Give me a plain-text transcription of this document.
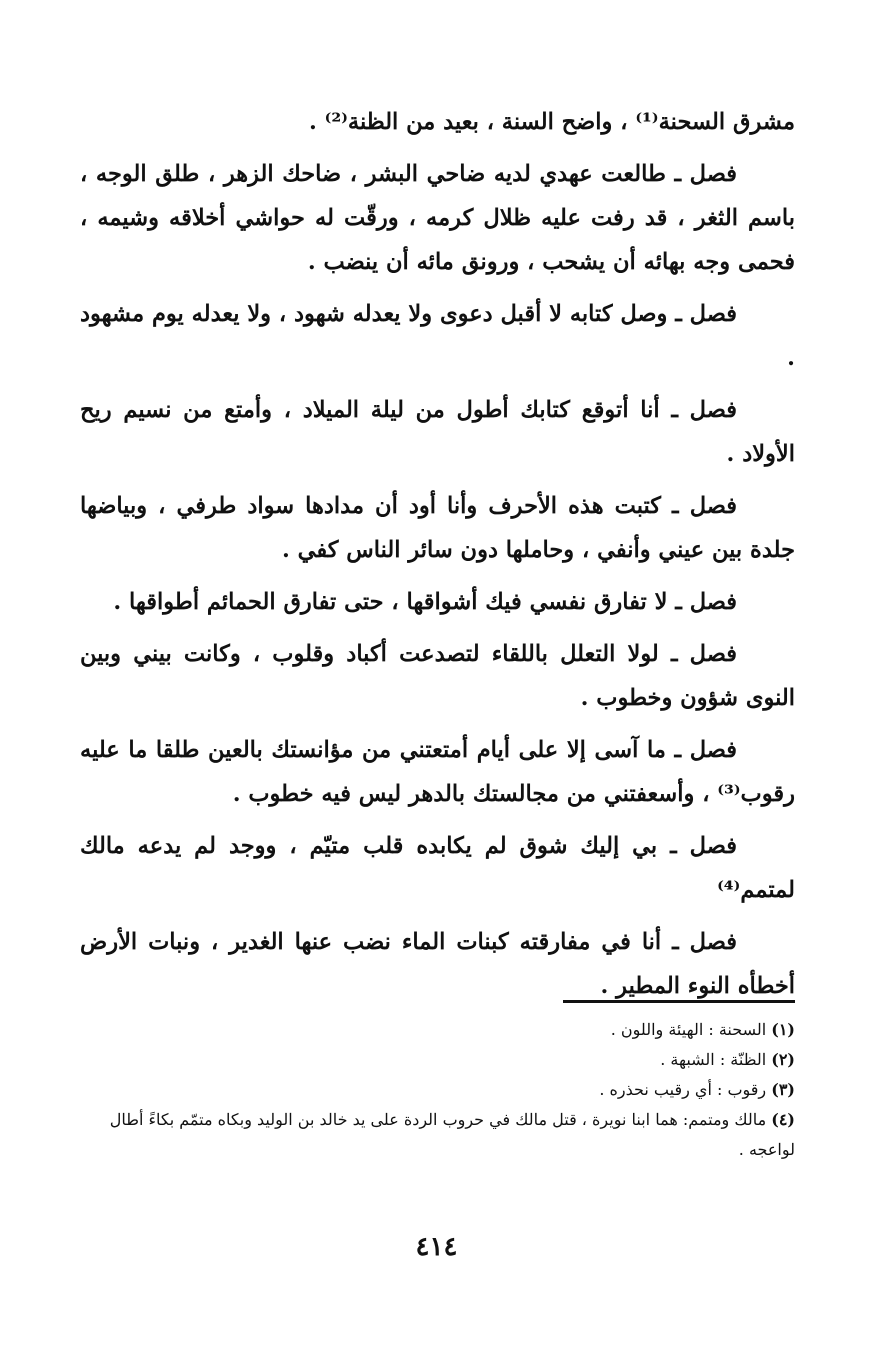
مشرق السحنة⁽¹⁾ ، واضح السنة ، بعيد من الظنة⁽²⁾ .

فصل ـ طالعت عهدي لديه ضاحي البشر ، ضاحك الزهر ، طلق الوجه ، باسم الثغر ، قد رفت عليه ظلال كرمه ، ورقّت له حواشي أخلاقه وشيمه ، فحمى وجه بهائه أن يشحب ، ورونق مائه أن ينضب .

فصل ـ وصل كتابه لا أقبل دعوى ولا يعدله شهود ، ولا يعدله يوم مشهود .

فصل ـ أنا أتوقع كتابك أطول من ليلة الميلاد ، وأمتع من نسيم ريح الأولاد .

فصل ـ كتبت هذه الأحرف وأنا أود أن مدادها سواد طرفي ، وبياضها جلدة بين عيني وأنفي ، وحاملها دون سائر الناس كفي .

فصل ـ لا تفارق نفسي فيك أشواقها ، حتى تفارق الحمائم أطواقها .

فصل ـ لولا التعلل باللقاء لتصدعت أكباد وقلوب ، وكانت بيني وبين النوى شؤون وخطوب .

فصل ـ ما آسى إلا على أيام أمتعتني من مؤانستك بالعين طلقا ما عليه رقوب⁽³⁾ ، وأسعفتني من مجالستك بالدهر ليس فيه خطوب .

فصل ـ بي إليك شوق لم يكابده قلب متيّم ، ووجد لم يدعه مالك لمتمم⁽⁴⁾

فصل ـ أنا في مفارقته كبنات الماء نضب عنها الغدير ، ونبات الأرض أخطأه النوء المطير .

(١) السحنة : الهيئة واللون .

(٢) الظنّة : الشبهة .

(٣) رقوب : أي رقيب نحذره .

(٤) مالك ومتمم: هما ابنا نويرة ، قتل مالك في حروب الردة على يد خالد بن الوليد وبكاه متمّم بكاءً أطال لواعجه .

٤١٤
